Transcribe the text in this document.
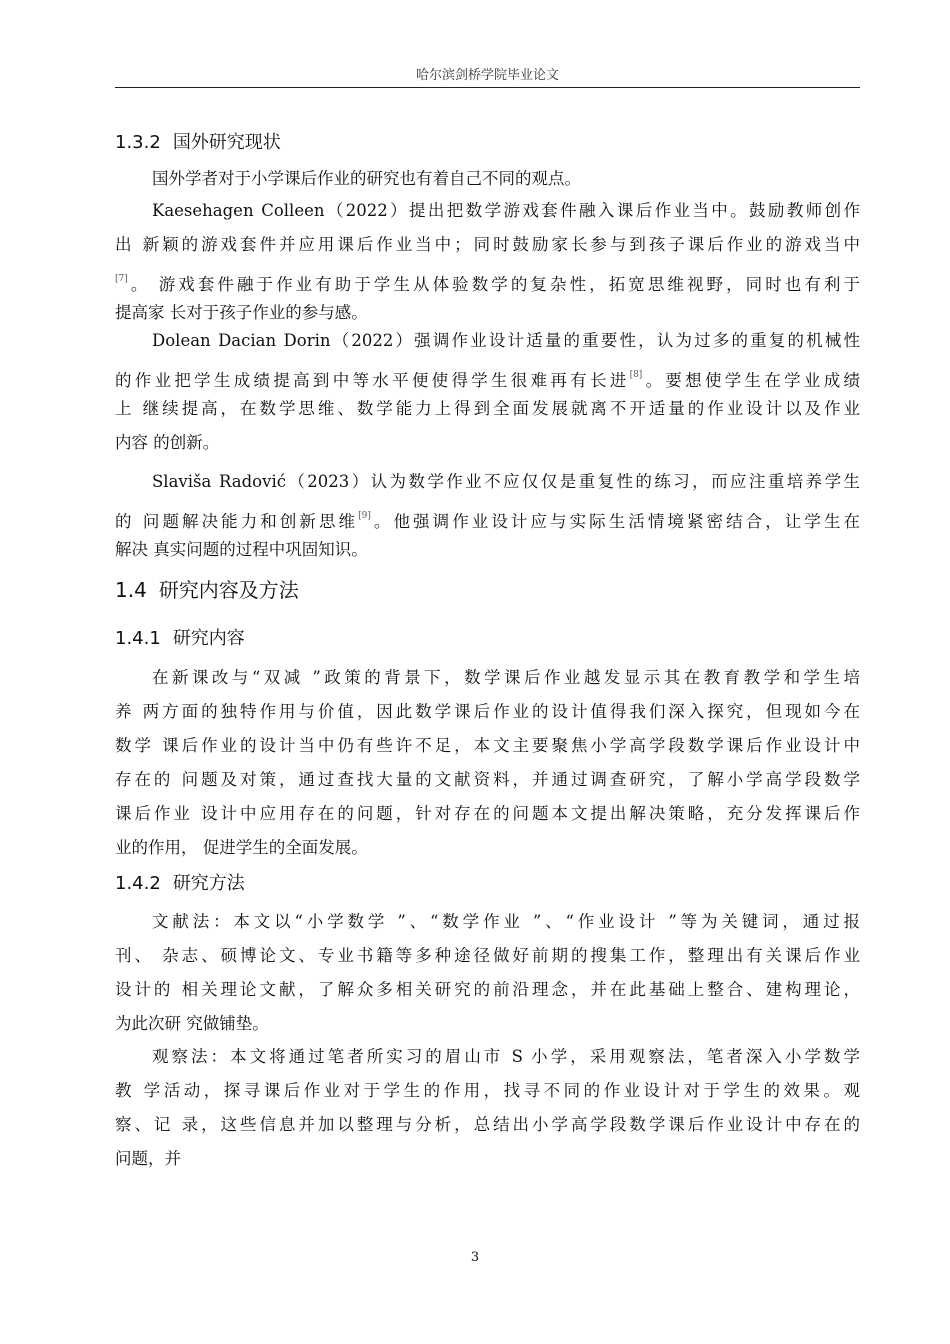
哈尔滨剑桥学院毕业论文
1.3.2 国外研究现状
国外学者对于小学课后作业的研究也有着自己不同的观点。
Kaesehagen Colleen（2022）提出把数学游戏套件融入课后作业当中。鼓励教师创作
出 新颖的游戏套件并应用课后作业当中；同时鼓励家长参与到孩子课后作业的游戏当中
[7]。 游戏套件融于作业有助于学生从体验数学的复杂性，拓宽思维视野，同时也有利于
提高家 长对于孩子作业的参与感。
Dolean Dacian Dorin（2022）强调作业设计适量的重要性，认为过多的重复的机械性
的作业把学生成绩提高到中等水平便使得学生很难再有长进[8]。要想使学生在学业成绩
上 继续提高，在数学思维、数学能力上得到全面发展就离不开适量的作业设计以及作业
内容 的创新。
Slaviša Radović（2023）认为数学作业不应仅仅是重复性的练习，而应注重培养学生
的 问题解决能力和创新思维[9]。他强调作业设计应与实际生活情境紧密结合，让学生在
解决 真实问题的过程中巩固知识。
1.4 研究内容及方法
1.4.1 研究内容
在新课改与“双减 ”政策的背景下，数学课后作业越发显示其在教育教学和学生培
养 两方面的独特作用与价值，因此数学课后作业的设计值得我们深入探究，但现如今在
数学 课后作业的设计当中仍有些许不足，本文主要聚焦小学高学段数学课后作业设计中
存在的 问题及对策，通过查找大量的文献资料，并通过调查研究，了解小学高学段数学
课后作业 设计中应用存在的问题，针对存在的问题本文提出解决策略，充分发挥课后作
业的作用， 促进学生的全面发展。
1.4.2 研究方法
文献法：本文以“小学数学 ”、“数学作业 ”、“作业设计 ”等为关键词，通过报
刊、 杂志、硕博论文、专业书籍等多种途径做好前期的搜集工作，整理出有关课后作业
设计的 相关理论文献，了解众多相关研究的前沿理念，并在此基础上整合、建构理论，
为此次研 究做铺垫。
观察法：本文将通过笔者所实习的眉山市 S 小学，采用观察法，笔者深入小学数学
教 学活动，探寻课后作业对于学生的作用，找寻不同的作业设计对于学生的效果。观
察、记 录，这些信息并加以整理与分析，总结出小学高学段数学课后作业设计中存在的
问题，并
3
